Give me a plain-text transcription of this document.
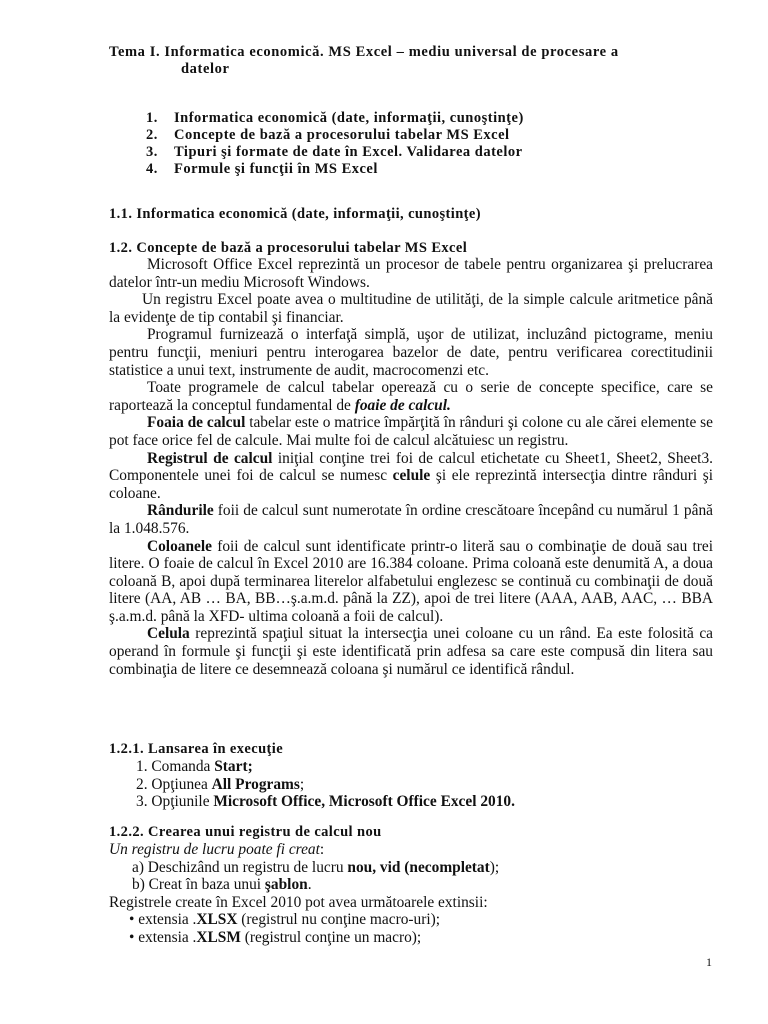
Tema I. Informatica economică. MS Excel – mediu universal de procesare a
datelor
1. Informatica economică (date, informaţii, cunoştinţe)
2. Concepte de bază a procesorului tabelar MS Excel
3. Tipuri şi formate de date în Excel. Validarea datelor
4. Formule şi funcţii în MS Excel
1.1. Informatica economică (date, informaţii, cunoştinţe)
1.2. Concepte de bază a procesorului tabelar MS Excel

Microsoft Office Excel reprezintă un procesor de tabele pentru organizarea şi prelucrarea datelor într-un mediu Microsoft Windows.

Un registru Excel poate avea o multitudine de utilităţi, de la simple calcule aritmetice până la evidenţe de tip contabil şi financiar.

Programul furnizează o interfaţă simplă, uşor de utilizat, incluzând pictograme, meniu pentru funcţii, meniuri pentru interogarea bazelor de date, pentru verificarea corectitudinii statistice a unui text, instrumente de audit, macrocomenzi etc.

Toate programele de calcul tabelar operează cu o serie de concepte specifice, care se raportează la conceptul fundamental de foaie de calcul.

Foaia de calcul tabelar este o matrice împărţită în rânduri şi colone cu ale cărei elemente se pot face orice fel de calcule. Mai multe foi de calcul alcătuiesc un registru.

Registrul de calcul iniţial conţine trei foi de calcul etichetate cu Sheet1, Sheet2, Sheet3. Componentele unei foi de calcul se numesc celule şi ele reprezintă intersecţia dintre rânduri şi coloane.

Rândurile foii de calcul sunt numerotate în ordine crescătoare începând cu numărul 1 până la 1.048.576.

Coloanele foii de calcul sunt identificate printr-o literă sau o combinaţie de două sau trei litere. O foaie de calcul în Excel 2010 are 16.384 coloane. Prima coloană este denumită A, a doua coloană B, apoi după terminarea literelor alfabetului englezesc se continuă cu combinaţii de două litere (AA, AB … BA, BB…ş.a.m.d. până la ZZ), apoi de trei litere (AAA, AAB, AAC, … BBA ş.a.m.d. până la XFD- ultima coloană a foii de calcul).

Celula reprezintă spaţiul situat la intersecţia unei coloane cu un rând. Ea este folosită ca operand în formule şi funcţii şi este identificată prin adfesa sa care este compusă din litera sau combinaţia de litere ce desemnează coloana şi numărul ce identifică rândul.

1.2.1. Lansarea în execuţie
1. Comanda Start;
2. Opţiunea All Programs;
3. Opţiunile Microsoft Office, Microsoft Office Excel 2010.
1.2.2. Crearea unui registru de calcul nou
Un registru de lucru poate fi creat:
a) Deschizând un registru de lucru nou, vid (necompletat);
b) Creat în baza unui şablon.
Registrele create în Excel 2010 pot avea următoarele extinsii:
• extensia .XLSX (registrul nu conţine macro-uri);
• extensia .XLSM (registrul conţine un macro);
1
